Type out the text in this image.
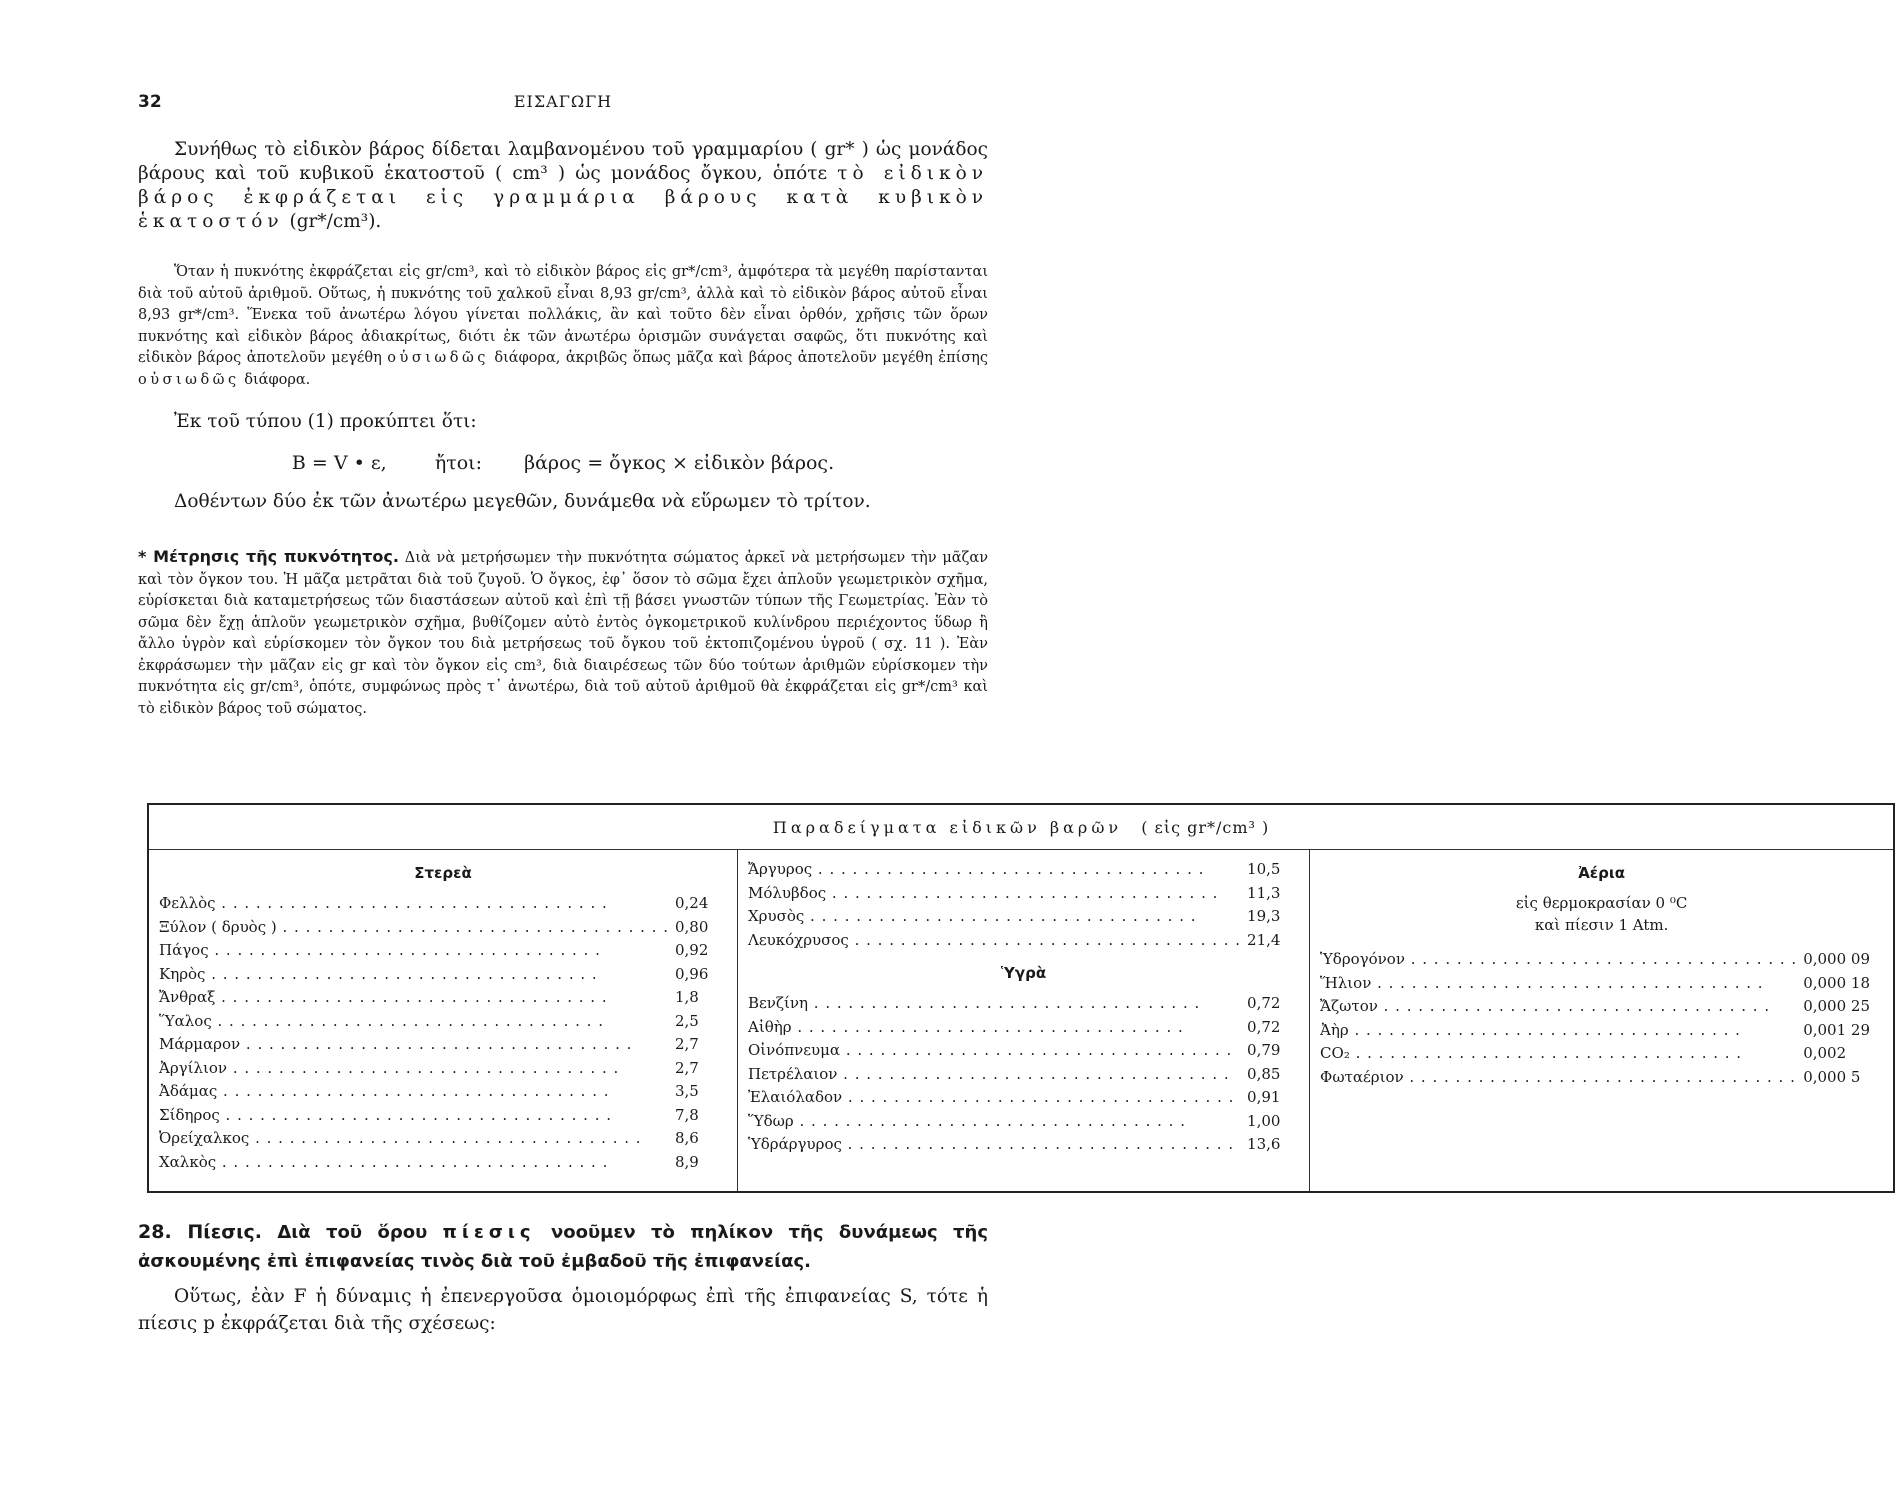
32	ΕΙΣΑΓΩΓΗ

Συνήθως τὸ εἰδικὸν βάρος δίδεται λαμβανομένου τοῦ γραμμαρίου ( gr* ) ὡς μονάδος βάρους καὶ τοῦ κυβικοῦ ἑκατοστοῦ ( cm³ ) ὡς μονάδος ὄγκου, ὁπότε τὸ εἰδικὸν βάρος ἐκφράζεται εἰς γραμμάρια βάρους κατὰ κυβικὸν ἑκατοστόν (gr*/cm³).

Ὅταν ἡ πυκνότης ἐκφράζεται εἰς gr/cm³, καὶ τὸ εἰδικὸν βάρος εἰς gr*/cm³, ἀμφότερα τὰ μεγέθη παρίστανται διὰ τοῦ αὐτοῦ ἀριθμοῦ. Οὕτως, ἡ πυκνότης τοῦ χαλκοῦ εἶναι 8,93 gr/cm³, ἀλλὰ καὶ τὸ εἰδικὸν βάρος αὐτοῦ εἶναι 8,93 gr*/cm³. Ἕνεκα τοῦ ἀνωτέρω λόγου γίνεται πολλάκις, ἂν καὶ τοῦτο δὲν εἶναι ὀρθόν, χρῆσις τῶν ὅρων πυκνότης καὶ εἰδικὸν βάρος ἀδιακρίτως, διότι ἐκ τῶν ἀνωτέρω ὁρισμῶν συνάγεται σαφῶς, ὅτι πυκνότης καὶ εἰδικὸν βάρος ἀποτελοῦν μεγέθη οὐσιωδῶς διάφορα, ἀκριβῶς ὅπως μᾶζα καὶ βάρος ἀποτελοῦν μεγέθη ἐπίσης οὐσιωδῶς διάφορα.

Ἐκ τοῦ τύπου (1) προκύπτει ὅτι:

B = V • ε,	ἤτοι: βάρος = ὄγκος × εἰδικὸν βάρος.

Δοθέντων δύο ἐκ τῶν ἀνωτέρω μεγεθῶν, δυνάμεθα νὰ εὕρωμεν τὸ τρίτον.

* Μέτρησις τῆς πυκνότητος. Διὰ νὰ μετρήσωμεν τὴν πυκνότητα σώματος ἀρκεῖ νὰ μετρήσωμεν τὴν μᾶζαν καὶ τὸν ὄγκον του. Ἡ μᾶζα μετρᾶται διὰ τοῦ ζυγοῦ. Ὁ ὄγκος, ἐφ᾽ ὅσον τὸ σῶμα ἔχει ἁπλοῦν γεωμετρικὸν σχῆμα, εὑρίσκεται διὰ καταμετρήσεως τῶν διαστάσεων αὐτοῦ καὶ ἐπὶ τῇ βάσει γνωστῶν τύπων τῆς Γεωμετρίας. Ἐὰν τὸ σῶμα δὲν ἔχῃ ἁπλοῦν γεωμετρικὸν σχῆμα, βυθίζομεν αὐτὸ ἐντὸς ὀγκομετρικοῦ κυλίνδρου περιέχοντος ὕδωρ ἢ ἄλλο ὑγρὸν καὶ εὑρίσκομεν τὸν ὄγκον του διὰ μετρήσεως τοῦ ὄγκου τοῦ ἐκτοπιζομένου ὑγροῦ ( σχ. 11 ). Ἐὰν ἐκφράσωμεν τὴν μᾶζαν εἰς gr καὶ τὸν ὄγκον εἰς cm³, διὰ διαιρέσεως τῶν δύο τούτων ἀριθμῶν εὑρίσκομεν τὴν πυκνότητα εἰς gr/cm³, ὁπότε, συμφώνως πρὸς τ᾽ ἀνωτέρω, διὰ τοῦ αὐτοῦ ἀριθμοῦ θὰ ἐκφράζεται εἰς gr*/cm³ καὶ τὸ εἰδικὸν βάρος τοῦ σώματος.

Παραδείγματα εἰδικῶν βαρῶν ( εἰς gr*/cm³ )

Στερεὰ
Φελλὸς . . .	0,24
Ξύλον ( δρυὸς ) . . .	0,80
Πάγος . . .	0,92
Κηρὸς . . .	0,96
Ἄνθραξ . . .	1,8
Ὕαλος . . .	2,5
Μάρμαρον . . .	2,7
Ἀργίλιον . . .	2,7
Ἀδάμας . . .	3,5
Σίδηρος . . .	7,8
Ὀρείχαλκος . . .	8,6
Χαλκὸς . . .	8,9

Ἄργυρος . . .	10,5
Μόλυβδος . . .	11,3
Χρυσὸς . . .	19,3
Λευκόχρυσος . . .	21,4
Ὑγρὰ
Βενζίνη . . .	0,72
Αἰθὴρ . . .	0,72
Οἰνόπνευμα . . .	0,79
Πετρέλαιον . . .	0,85
Ἐλαιόλαδον . . .	0,91
Ὕδωρ . . .	1,00
Ὑδράργυρος . . .	13,6

Ἀέρια
εἰς θερμοκρασίαν 0 ⁰C
καὶ πίεσιν 1 Atm.
Ὑδρογόνον . . .	0,000 09
Ἥλιον . . .	0,000 18
Ἄζωτον . . .	0,000 25
Ἀὴρ . . .	0,001 29
CO₂ . . .	0,002
Φωταέριον . . .	0,000 5

28. Πίεσις. Διὰ τοῦ ὅρου πίεσις νοοῦμεν τὸ πηλίκον τῆς δυνάμεως τῆς ἀσκουμένης ἐπὶ ἐπιφανείας τινὸς διὰ τοῦ ἐμβαδοῦ τῆς ἐπιφανείας.

Οὕτως, ἐὰν F ἡ δύναμις ἡ ἐπενεργοῦσα ὁμοιομόρφως ἐπὶ τῆς ἐπιφανείας S, τότε ἡ πίεσις p ἐκφράζεται διὰ τῆς σχέσεως:
